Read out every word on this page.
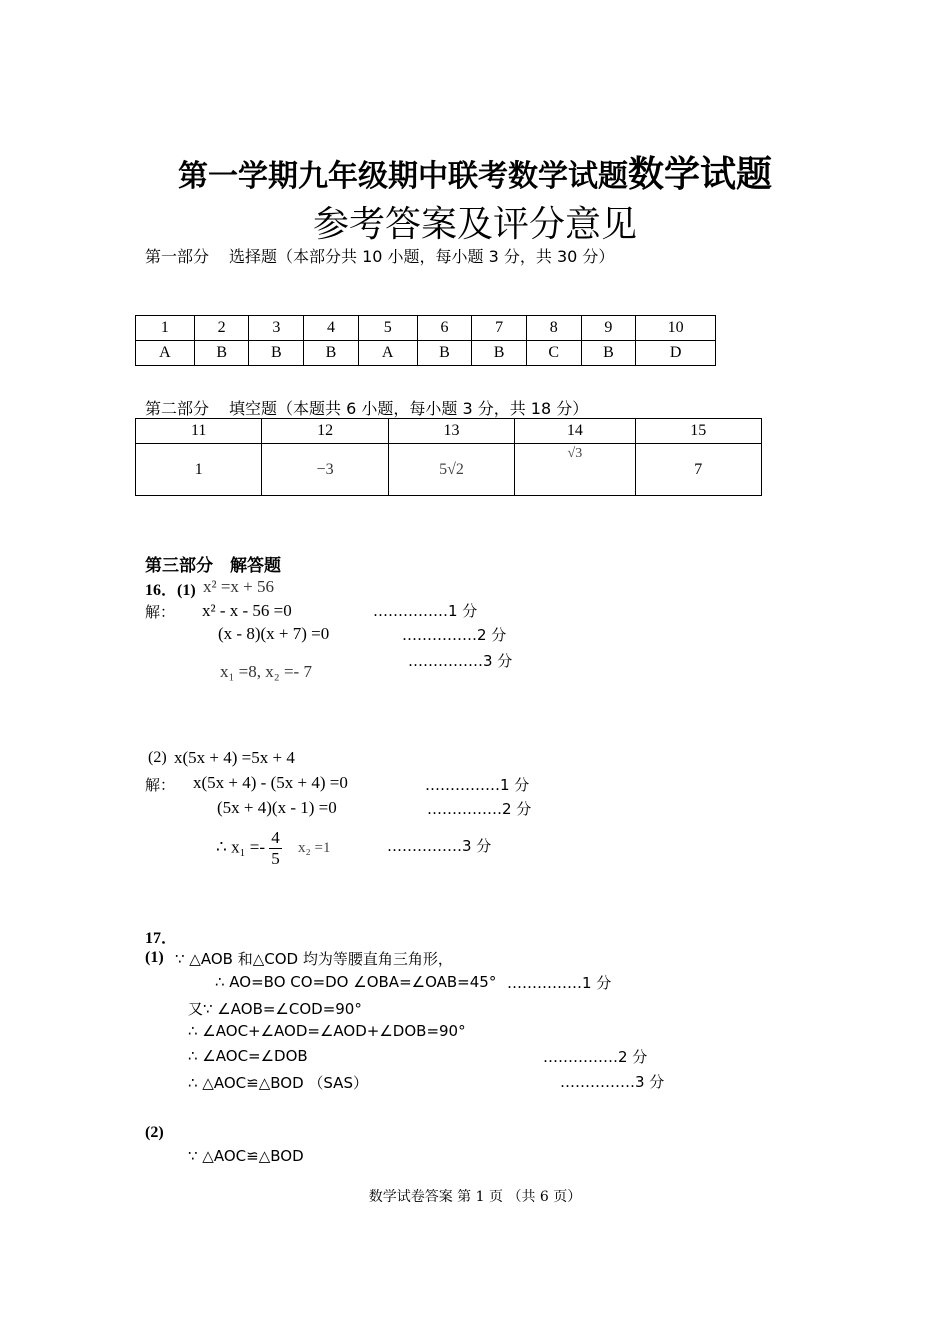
第一学期九年级期中联考数学试题数学试题
参考答案及评分意见
第一部分 选择题（本部分共 10 小题，每小题 3 分，共 30 分）
1	2	3	4	5	6	7	8	9	10
A	B	B	B	A	B	B	C	B	D
第二部分 填空题（本题共 6 小题，每小题 3 分，共 18 分）
11	12	13	14	15
1	−3	5√2	√3	7
第三部分　解答题
16．(1) x² =x + 56
解： x² - x - 56 =0	……………1 分
(x - 8)(x + 7) =0	……………2 分
……………3 分
x₁ =8, x₂ =- 7
(2) x(5x + 4) =5x + 4
解： x(5x + 4) - (5x + 4) =0	……………1 分
(5x + 4)(x - 1) =0	……………2 分
∴ $x_1 =- \frac{4}{5} x_2 =1$	……………3 分
17．
(1) ∵ △AOB 和△COD 均为等腰直角三角形，
∴ AO=BO CO=DO ∠OBA=∠OAB=45° ……………1 分
又∵ ∠AOB=∠COD=90°
∴ ∠AOC+∠AOD=∠AOD+∠DOB=90°
∴ ∠AOC=∠DOB	……………2 分
∴ △AOC≌△BOD （SAS）	……………3 分
(2)
∵ △AOC≌△BOD
数学试卷答案 第 1 页 （共 6 页）
